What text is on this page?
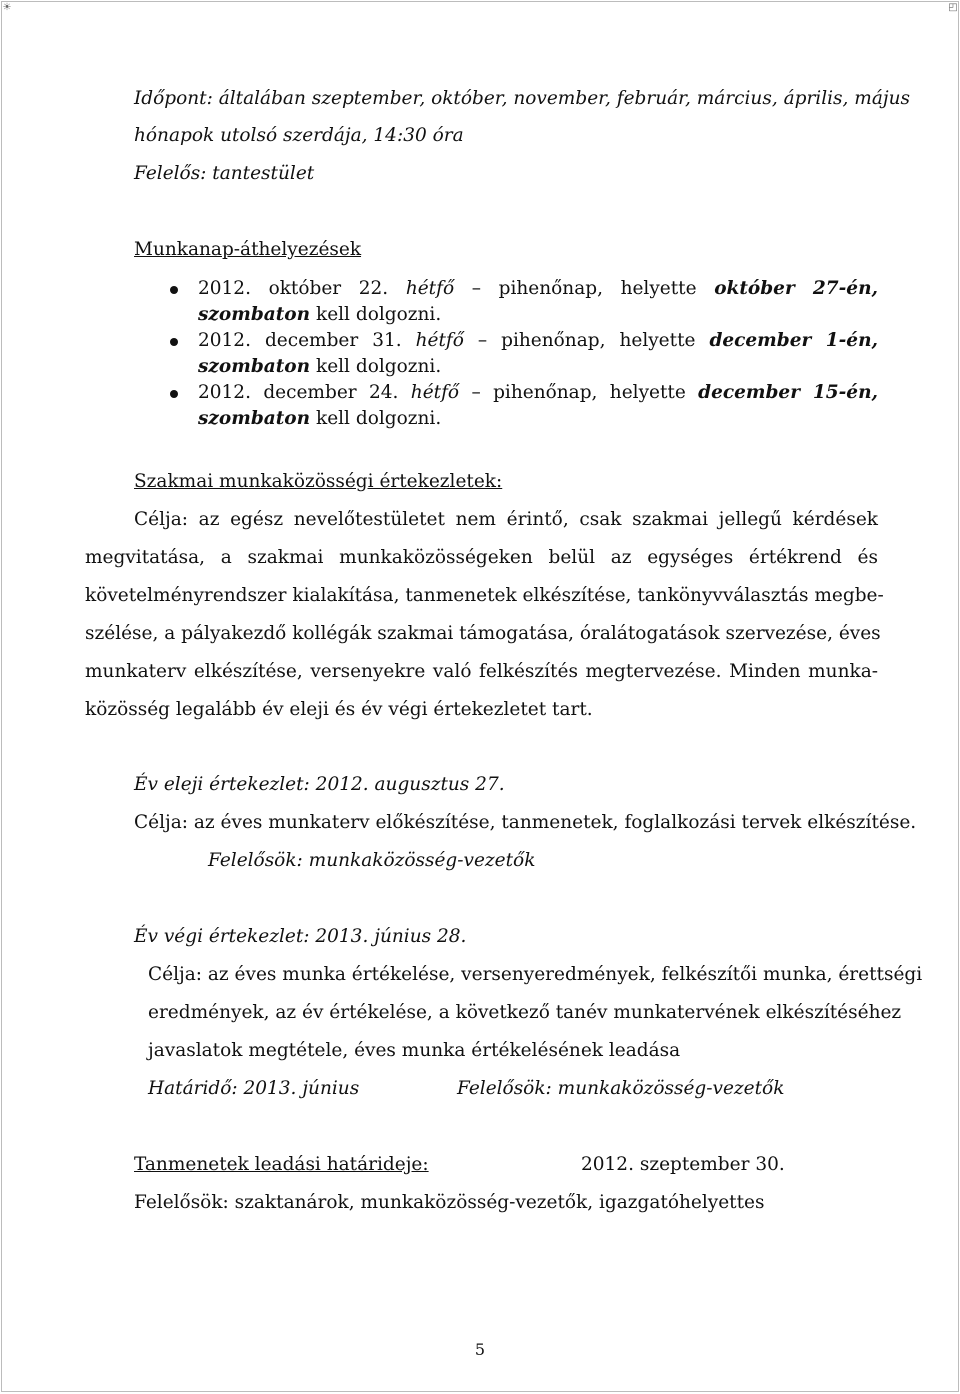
☀	◰
Időpont: általában szeptember, október, november, február, március, április, május
hónapok utolsó szerdája, 14:30 óra
Felelős: tantestület
Munkanap-áthelyezések
2012. október 22. hétfő – pihenőnap, helyette október 27-én,
szombaton kell dolgozni.
2012. december 31. hétfő – pihenőnap, helyette december 1-én,
szombaton kell dolgozni.
2012. december 24. hétfő – pihenőnap, helyette december 15-én,
szombaton kell dolgozni.
Szakmai munkaközösségi értekezletek:
Célja: az egész nevelőtestületet nem érintő, csak szakmai jellegű kérdések
megvitatása, a szakmai munkaközösségeken belül az egységes értékrend és
követelményrendszer kialakítása, tanmenetek elkészítése, tankönyvválasztás megbe-
szélése, a pályakezdő kollégák szakmai támogatása, óralátogatások szervezése, éves
munkaterv elkészítése, versenyekre való felkészítés megtervezése. Minden munka-
közösség legalább év eleji és év végi értekezletet tart.
Év eleji értekezlet: 2012. augusztus 27.
Célja: az éves munkaterv előkészítése, tanmenetek, foglalkozási tervek elkészítése.
Felelősök: munkaközösség-vezetők
Év végi értekezlet: 2013. június 28.
Célja: az éves munka értékelése, versenyeredmények, felkészítői munka, érettségi
eredmények, az év értékelése, a következő tanév munkatervének elkészítéséhez
javaslatok megtétele, éves munka értékelésének leadása
Határidő: 2013. június	Felelősök: munkaközösség-vezetők
Tanmenetek leadási határideje:	2012. szeptember 30.
Felelősök: szaktanárok, munkaközösség-vezetők, igazgatóhelyettes
5
